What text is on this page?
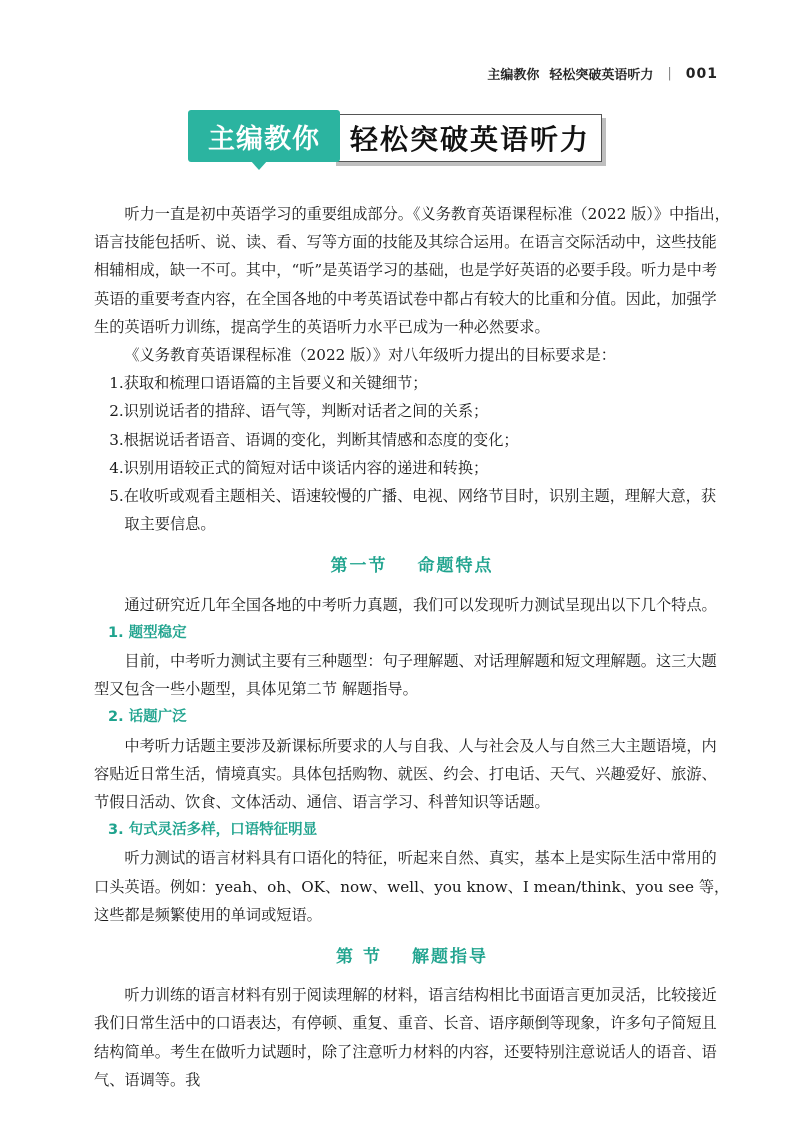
主编教你 轻松突破英语听力 | 001
主编教你	轻松突破英语听力

听力一直是初中英语学习的重要组成部分。《义务教育英语课程标准（2022 版）》中指出，语言技能包括听、说、读、看、写等方面的技能及其综合运用。在语言交际活动中，这些技能相辅相成，缺一不可。其中，“听”是英语学习的基础，也是学好英语的必要手段。听力是中考英语的重要考查内容，在全国各地的中考英语试卷中都占有较大的比重和分值。因此，加强学生的英语听力训练，提高学生的英语听力水平已成为一种必然要求。

《义务教育英语课程标准（2022 版）》对八年级听力提出的目标要求是：

1.获取和梳理口语语篇的主旨要义和关键细节；

2.识别说话者的措辞、语气等，判断对话者之间的关系；

3.根据说话者语音、语调的变化，判断其情感和态度的变化；

4.识别用语较正式的简短对话中谈话内容的递进和转换；

5.在收听或观看主题相关、语速较慢的广播、电视、网络节目时，识别主题，理解大意，获取主要信息。

第一节 命题特点

通过研究近几年全国各地的中考听力真题，我们可以发现听力测试呈现出以下几个特点。

1. 题型稳定

目前，中考听力测试主要有三种题型：句子理解题、对话理解题和短文理解题。这三大题型又包含一些小题型，具体见第二节 解题指导。

2. 话题广泛

中考听力话题主要涉及新课标所要求的人与自我、人与社会及人与自然三大主题语境，内容贴近日常生活，情境真实。具体包括购物、就医、约会、打电话、天气、兴趣爱好、旅游、节假日活动、饮食、文体活动、通信、语言学习、科普知识等话题。

3. 句式灵活多样，口语特征明显

听力测试的语言材料具有口语化的特征，听起来自然、真实，基本上是实际生活中常用的口头英语。例如：yeah、oh、OK、now、well、you know、I mean/think、you see 等，这些都是频繁使用的单词或短语。

第 节 解题指导

听力训练的语言材料有别于阅读理解的材料，语言结构相比书面语言更加灵活，比较接近我们日常生活中的口语表达，有停顿、重复、重音、长音、语序颠倒等现象，许多句子简短且结构简单。考生在做听力试题时，除了注意听力材料的内容，还要特别注意说话人的语音、语气、语调等。我
